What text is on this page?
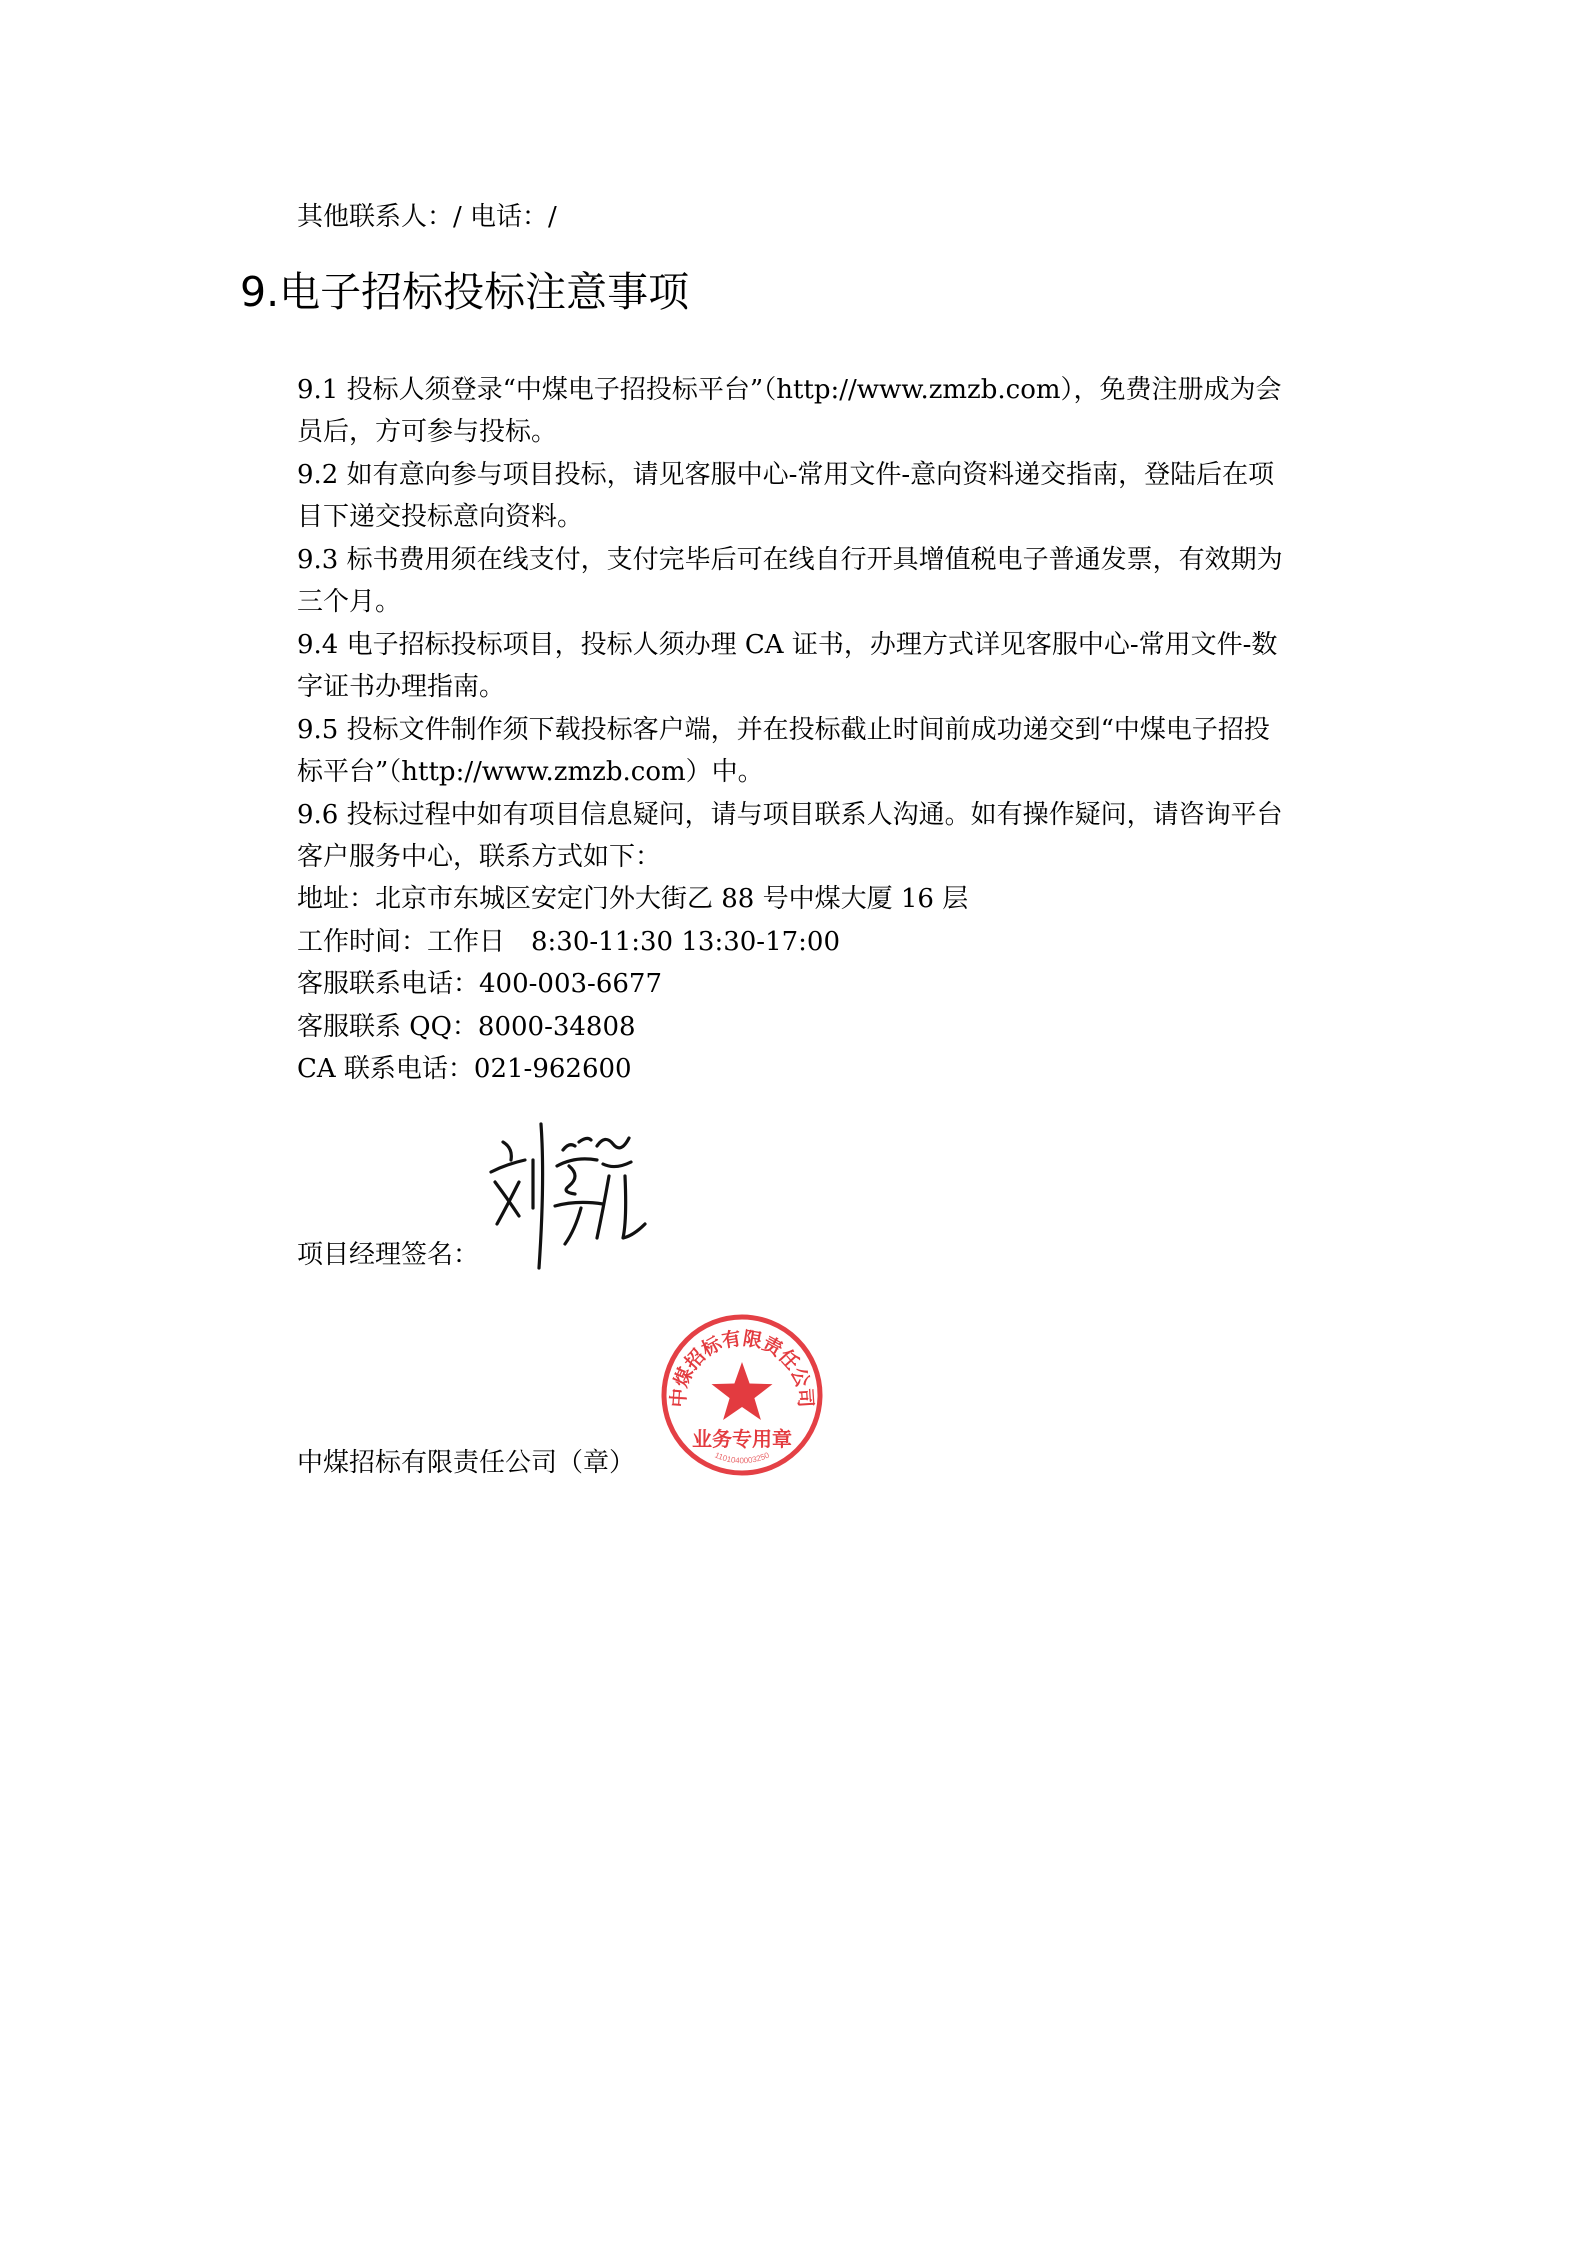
其他联系人：/ 电话：/
9.电子招标投标注意事项
9.1 投标人须登录“中煤电子招投标平台”（http://www.zmzb.com），免费注册成为会
员后，方可参与投标。
9.2 如有意向参与项目投标，请见客服中心-常用文件-意向资料递交指南，登陆后在项
目下递交投标意向资料。
9.3 标书费用须在线支付，支付完毕后可在线自行开具增值税电子普通发票，有效期为
三个月。
9.4 电子招标投标项目，投标人须办理 CA 证书，办理方式详见客服中心-常用文件-数
字证书办理指南。
9.5 投标文件制作须下载投标客户端，并在投标截止时间前成功递交到“中煤电子招投
标平台”（http://www.zmzb.com）中。
9.6 投标过程中如有项目信息疑问，请与项目联系人沟通。如有操作疑问，请咨询平台
客户服务中心，联系方式如下：
地址：北京市东城区安定门外大街乙 88 号中煤大厦 16 层
工作时间：工作日　8:30-11:30 13:30-17:00
客服联系电话：400-003-6677
客服联系 QQ：8000-34808
CA 联系电话：021-962600
项目经理签名：
中煤招标有限责任公司（章）
中煤招标有限责任公司
业务专用章
1101040003250
